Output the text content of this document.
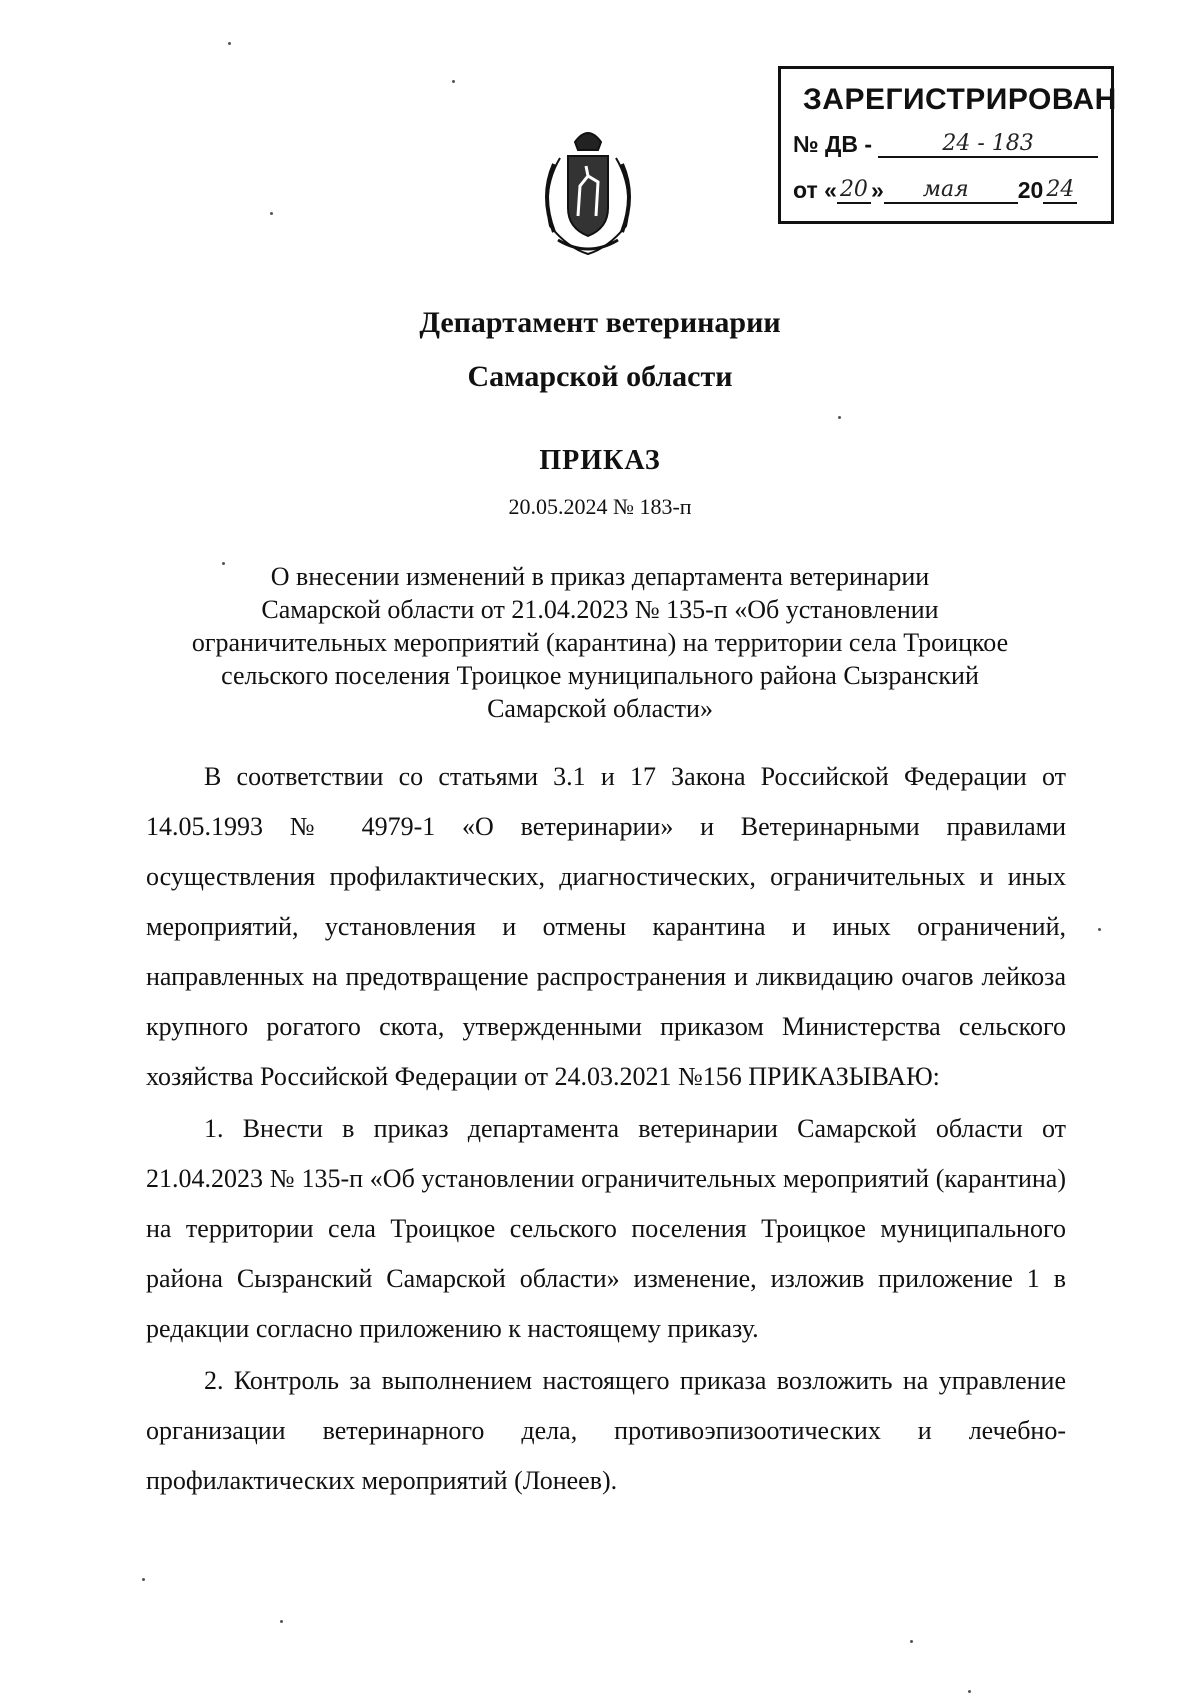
ЗАРЕГИСТРИРОВАН
№ ДВ -	24 - 183
от « 20 »	мая	20 24
Департамент ветеринарии
Самарской области
ПРИКАЗ
20.05.2024 № 183-п
О внесении изменений в приказ департамента ветеринарии
Самарской области от 21.04.2023 № 135-п «Об установлении
ограничительных мероприятий (карантина) на территории села Троицкое
сельского поселения Троицкое муниципального района Сызранский
Самарской области»

В соответствии со статьями 3.1 и 17 Закона Российской Федерации от 14.05.1993 № 4979-1 «О ветеринарии» и Ветеринарными правилами осуществления профилактических, диагностических, ограничительных и иных мероприятий, установления и отмены карантина и иных ограничений, направленных на предотвращение распространения и ликвидацию очагов лейкоза крупного рогатого скота, утвержденными приказом Министерства сельского хозяйства Российской Федерации от 24.03.2021 №156 ПРИКАЗЫВАЮ:

1. Внести в приказ департамента ветеринарии Самарской области от 21.04.2023 № 135-п «Об установлении ограничительных мероприятий (карантина) на территории села Троицкое сельского поселения Троицкое муниципального района Сызранский Самарской области» изменение, изложив приложение 1 в редакции согласно приложению к настоящему приказу.

2. Контроль за выполнением настоящего приказа возложить на управление организации ветеринарного дела, противоэпизоотических и лечебно-профилактических мероприятий (Лонеев).
